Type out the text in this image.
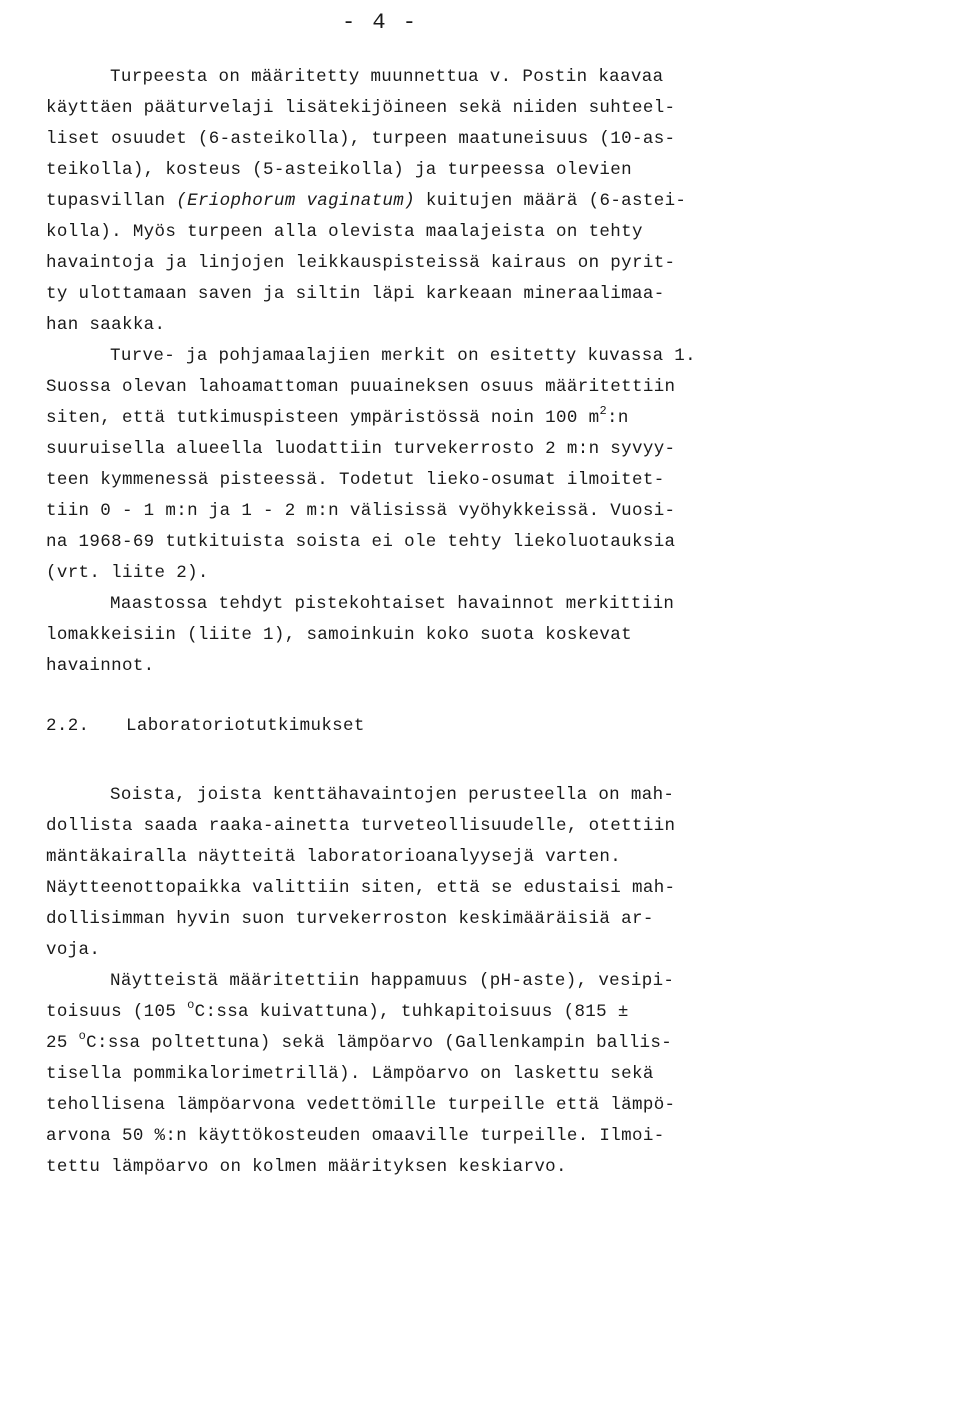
- 4 -
Turpeesta on määritetty muunnettua v. Postin kaavaa
käyttäen pääturvelaji lisätekijöineen sekä niiden suhteel-
liset osuudet (6-asteikolla), turpeen maatuneisuus (10-as-
teikolla), kosteus (5-asteikolla) ja turpeessa olevien
tupasvillan (Eriophorum vaginatum) kuitujen määrä (6-astei-
kolla). Myös turpeen alla olevista maalajeista on tehty
havaintoja ja linjojen leikkauspisteissä kairaus on pyrit-
ty ulottamaan saven ja siltin läpi karkeaan mineraalimaa-
han saakka.
Turve- ja pohjamaalajien merkit on esitetty kuvassa 1.
Suossa olevan lahoamattoman puuaineksen osuus määritettiin
siten, että tutkimuspisteen ympäristössä noin 100 $m^2:n$
suuruisella alueella luodattiin turvekerrosto 2 m:n syvyy-
teen kymmenessä pisteessä. Todetut lieko-osumat ilmoitet-
tiin 0 - 1 m:n ja 1 - 2 m:n välisissä vyöhykkeissä. Vuosi-
na 1968-69 tutkituista soista ei ole tehty liekoluotauksia
(vrt. liite 2).
Maastossa tehdyt pistekohtaiset havainnot merkittiin
lomakkeisiin (liite 1), samoinkuin koko suota koskevat
havainnot.
2.2. Laboratoriotutkimukset
Soista, joista kenttähavaintojen perusteella on mah-
dollista saada raaka-ainetta turveteollisuudelle, otettiin
mäntäkairalla näytteitä laboratorioanalyysejä varten.
Näytteenottopaikka valittiin siten, että se edustaisi mah-
dollisimman hyvin suon turvekerroston keskimääräisiä ar-
voja.
Näytteistä määritettiin happamuus (pH-aste), vesipi-
toisuus (105 $^o$C:ssa kuivattuna), tuhkapitoisuus (815 ±
25 $^o$C:ssa poltettuna) sekä lämpöarvo (Gallenkampin ballis-
tisella pommikalorimetrillä). Lämpöarvo on laskettu sekä
tehollisena lämpöarvona vedettömille turpeille että lämpö-
arvona 50 %:n käyttökosteuden omaaville turpeille. Ilmoi-
tettu lämpöarvo on kolmen määrityksen keskiarvo.
